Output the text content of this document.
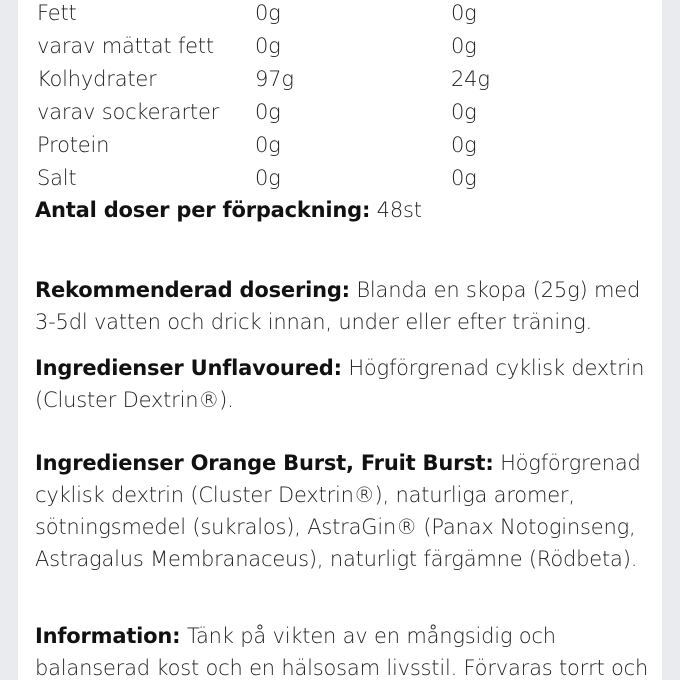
Fett	0g	0g
varav mättat fett 0g	0g
Kolhydrater	97g	24g
varav sockerarter 0g	0g
Protein	0g	0g
Salt	0g	0g
Antal doser per förpackning: 48st
Rekommenderad dosering: Blanda en skopa (25g) med 3-5dl vatten och drick innan, under eller efter träning.
Ingredienser Unflavoured: Högförgrenad cyklisk dextrin (Cluster Dextrin®).
Ingredienser Orange Burst, Fruit Burst: Högförgrenad cyklisk dextrin (Cluster Dextrin®), naturliga aromer, sötningsmedel (sukralos), AstraGin® (Panax Notoginseng, Astragalus Membranaceus), naturligt färgämne (Rödbeta).
Information: Tänk på vikten av en mångsidig och balanserad kost och en hälsosam livsstil. Förvaras torrt och
